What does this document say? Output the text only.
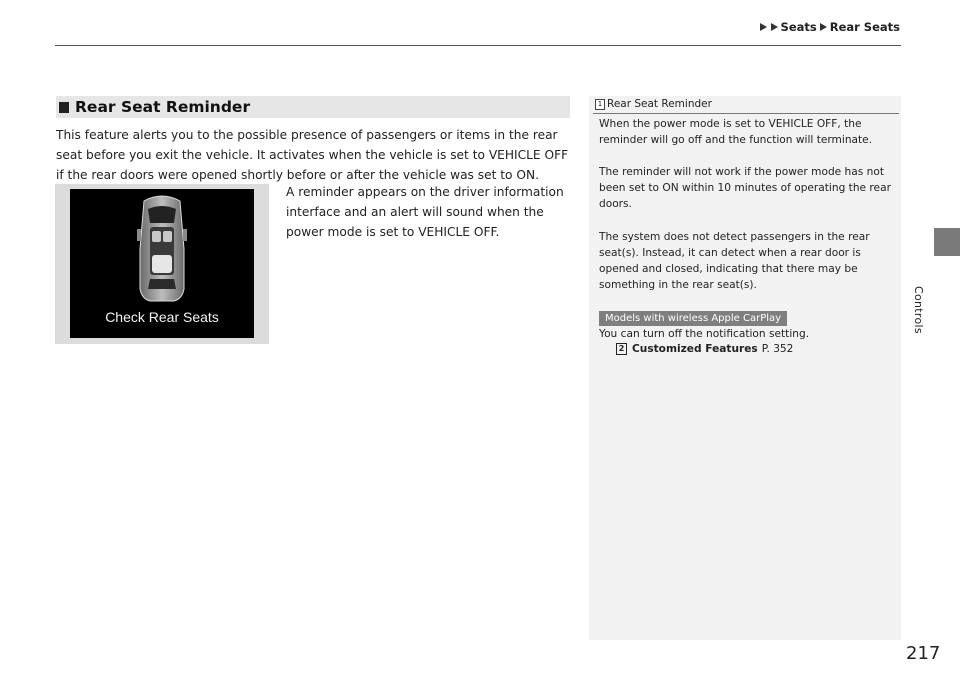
Seats Rear Seats
Controls
Rear Seat Reminder
This feature alerts you to the possible presence of passengers or items in the rear seat before you exit the vehicle. It activates when the vehicle is set to VEHICLE OFF if the rear doors were opened shortly before or after the vehicle was set to ON.
A reminder appears on the driver information interface and an alert will sound when the power mode is set to VEHICLE OFF.
Check Rear Seats
1 Rear Seat Reminder
When the power mode is set to VEHICLE OFF, the reminder will go off and the function will terminate.
The reminder will not work if the power mode has not been set to ON within 10 minutes of operating the rear doors.
The system does not detect passengers in the rear seat(s). Instead, it can detect when a rear door is opened and closed, indicating that there may be something in the rear seat(s).
Models with wireless Apple CarPlay
You can turn off the notification setting.
2 Customized Features P. 352
217
